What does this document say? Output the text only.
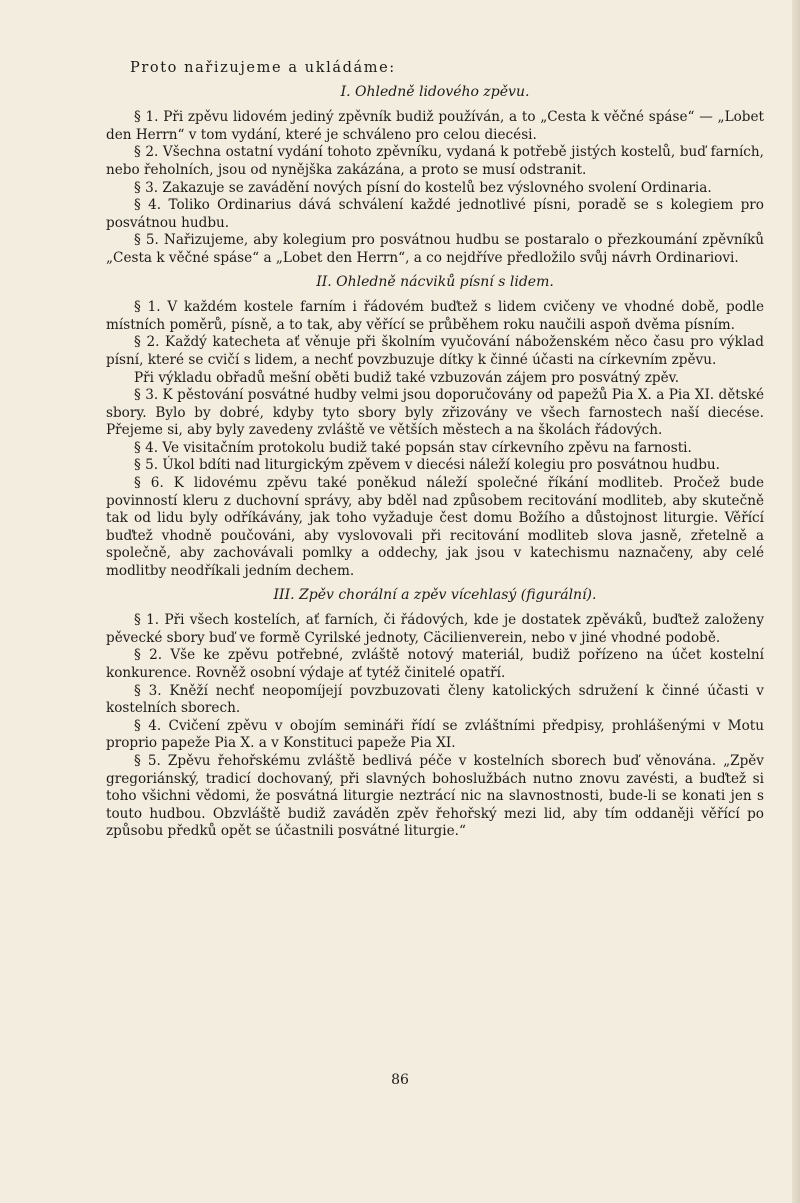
Proto nařizujeme a ukládáme:

I. Ohledně lidového zpěvu.

§ 1. Při zpěvu lidovém jediný zpěvník budiž používán, a to „Cesta k věčné spáse“ — „Lobet den Herrn“ v tom vydání, které je schváleno pro celou diecési.

§ 2. Všechna ostatní vydání tohoto zpěvníku, vydaná k potřebě jistých kostelů, buď farních, nebo řeholních, jsou od nynějška zakázána, a proto se musí odstranit.

§ 3. Zakazuje se zavádění nových písní do kostelů bez výslovného svolení Ordinaria.

§ 4. Toliko Ordinarius dává schválení každé jednotlivé písni, poradě se s kolegiem pro posvátnou hudbu.

§ 5. Nařizujeme, aby kolegium pro posvátnou hudbu se postaralo o přezkoumání zpěvníků „Cesta k věčné spáse“ a „Lobet den Herrn“, a co nejdříve předložilo svůj návrh Ordinariovi.

II. Ohledně nácviků písní s lidem.

§ 1. V každém kostele farním i řádovém buďtež s lidem cvičeny ve vhodné době, podle místních poměrů, písně, a to tak, aby věřící se průběhem roku naučili aspoň dvěma písním.

§ 2. Každý katecheta ať věnuje při školním vyučování náboženském něco času pro výklad písní, které se cvičí s lidem, a nechť povzbuzuje dítky k činné účasti na církevním zpěvu.

Při výkladu obřadů mešní oběti budiž také vzbuzován zájem pro posvátný zpěv.

§ 3. K pěstování posvátné hudby velmi jsou doporučovány od papežů Pia X. a Pia XI. dětské sbory. Bylo by dobré, kdyby tyto sbory byly zřizovány ve všech farnostech naší diecése. Přejeme si, aby byly zavedeny zvláště ve větších městech a na školách řádových.

§ 4. Ve visitačním protokolu budiž také popsán stav církevního zpěvu na farnosti.

§ 5. Úkol bdíti nad liturgickým zpěvem v diecési náleží kolegiu pro posvátnou hudbu.

§ 6. K lidovému zpěvu také poněkud náleží společné říkání modliteb. Pročež bude povinností kleru z duchovní správy, aby bděl nad způsobem recitování modliteb, aby skutečně tak od lidu byly odříkávány, jak toho vyžaduje čest domu Božího a důstojnost liturgie. Věřící buďtež vhodně poučováni, aby vyslovovali při recitování modliteb slova jasně, zřetelně a společně, aby zachovávali pomlky a oddechy, jak jsou v katechismu naznačeny, aby celé modlitby neodříkali jedním dechem.

III. Zpěv chorální a zpěv vícehlasý (figurální).

§ 1. Při všech kostelích, ať farních, či řádových, kde je dostatek zpěváků, buďtež založeny pěvecké sbory buď ve formě Cyrilské jednoty, Cäcilienverein, nebo v jiné vhodné podobě.

§ 2. Vše ke zpěvu potřebné, zvláště notový materiál, budiž pořízeno na účet kostelní konkurence. Rovněž osobní výdaje ať tytéž činitelé opatří.

§ 3. Kněží nechť neopomíjejí povzbuzovati členy katolických sdružení k činné účasti v kostelních sborech.

§ 4. Cvičení zpěvu v obojím semináři řídí se zvláštními předpisy, prohlášenými v Motu proprio papeže Pia X. a v Konstituci papeže Pia XI.

§ 5. Zpěvu řehořskému zvláště bedlivá péče v kostelních sborech buď věnována. „Zpěv gregoriánský, tradicí dochovaný, při slavných bohoslužbách nutno znovu zavésti, a buďtež si toho všichni vědomi, že posvátná liturgie neztrácí nic na slavnostnosti, bude-li se konati jen s touto hudbou. Obzvláště budiž zaváděn zpěv řehořský mezi lid, aby tím oddaněji věřící po způsobu předků opět se účastnili posvátné liturgie.“

86
